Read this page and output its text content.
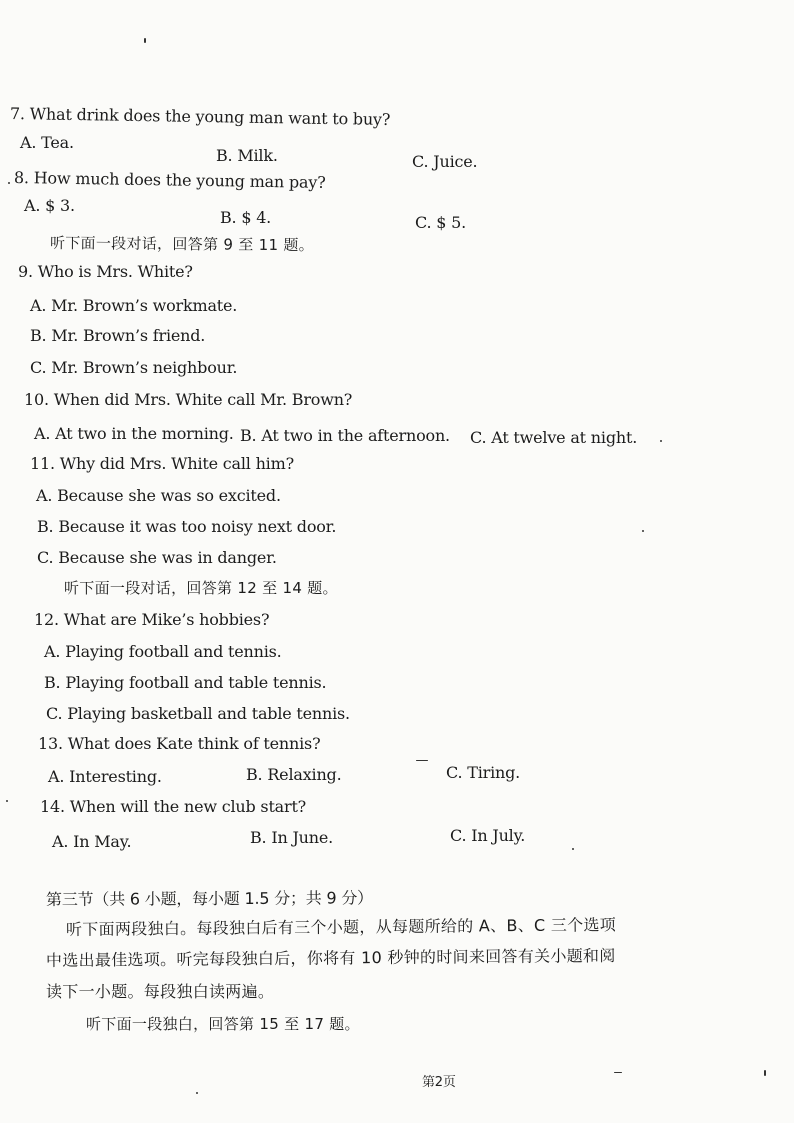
7. What drink does the young man want to buy?
A. Tea.
B. Milk.	C. Juice.
8. How much does the young man pay?
A. $ 3.
B. $ 4.	C. $ 5.
听下面一段对话，回答第 9 至 11 题。
9. Who is Mrs. White?
A. Mr. Brown’s workmate.
B. Mr. Brown’s friend.
C. Mr. Brown’s neighbour.
10. When did Mrs. White call Mr. Brown?
A. At two in the morning. B. At two in the afternoon. C. At twelve at night.
11. Why did Mrs. White call him?
A. Because she was so excited.
B. Because it was too noisy next door.
C. Because she was in danger.
听下面一段对话，回答第 12 至 14 题。
12. What are Mike’s hobbies?
A. Playing football and tennis.
B. Playing football and table tennis.
C. Playing basketball and table tennis.
13. What does Kate think of tennis?
A. Interesting.	B. Relaxing.	C. Tiring.
14. When will the new club start?
A. In May.	B. In June.	C. In July.
第三节（共 6 小题，每小题 1.5 分；共 9 分）
听下面两段独白。每段独白后有三个小题，从每题所给的 A、B、C 三个选项
中选出最佳选项。听完每段独白后，你将有 10 秒钟的时间来回答有关小题和阅
读下一小题。每段独白读两遍。
听下面一段独白，回答第 15 至 17 题。
第2页
